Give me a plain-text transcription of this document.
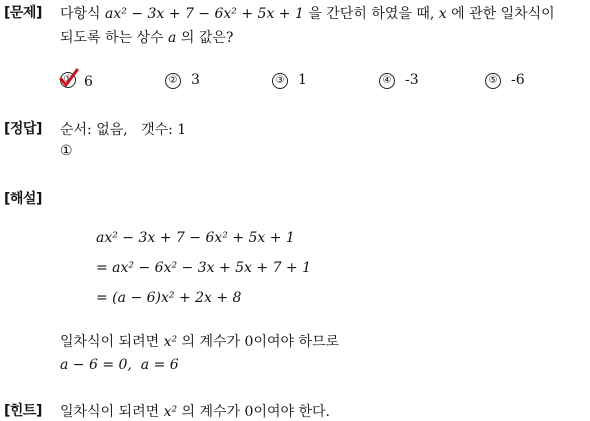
[문제] 다항식 ax² − 3x + 7 − 6x² + 5x + 1 을 간단히 하였을 때, x 에 관한 일차식이
되도록 하는 상수 a 의 값은?
① 6	② 3	③ 1	④ -3	⑤ -6
[정답] 순서: 없음,   갯수: 1
①
[해설]
ax² − 3x + 7 − 6x² + 5x + 1
= ax² − 6x² − 3x + 5x + 7 + 1
= (a − 6)x² + 2x + 8
일차식이 되려면 x² 의 계수가 0이여야 하므로
a − 6 = 0,  a = 6
[힌트] 일차식이 되려면 x² 의 계수가 0이여야 한다.
